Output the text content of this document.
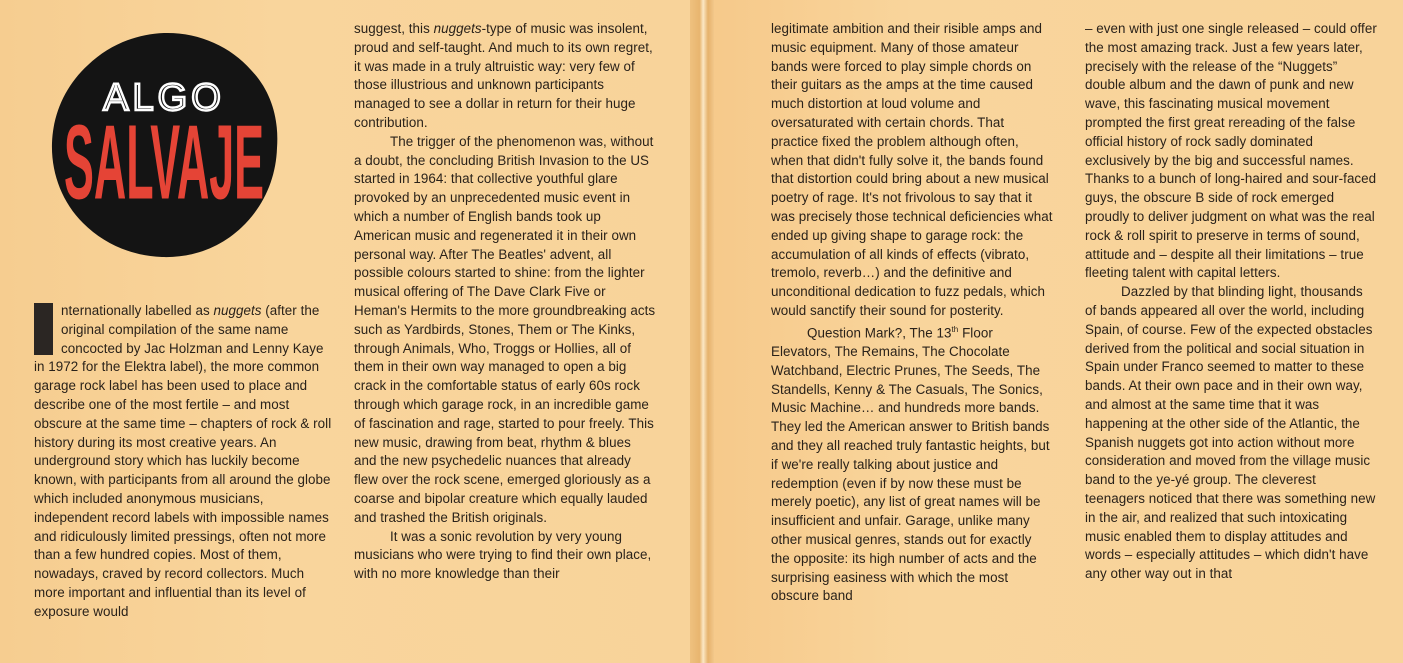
ALGO
SALVAJE

nternationally labelled as nuggets (after the original compilation of the same name concocted by Jac Holzman and Lenny Kaye in 1972 for the Elektra label), the more common garage rock label has been used to place and describe one of the most fertile – and most obscure at the same time – chapters of rock & roll history during its most creative years. An underground story which has luckily become known, with participants from all around the globe which included anonymous musicians, independent record labels with impossible names and ridiculously limited pressings, often not more than a few hundred copies. Most of them, nowadays, craved by record collectors. Much more important and influential than its level of exposure would

suggest, this nuggets-type of music was insolent, proud and self-taught. And much to its own regret, it was made in a truly altruistic way: very few of those illustrious and unknown participants managed to see a dollar in return for their huge contribution.

The trigger of the phenomenon was, without a doubt, the concluding British Invasion to the US started in 1964: that collective youthful glare provoked by an unprecedented music event in which a number of English bands took up American music and regenerated it in their own personal way. After The Beatles' advent, all possible colours started to shine: from the lighter musical offering of The Dave Clark Five or Heman's Hermits to the more groundbreaking acts such as Yardbirds, Stones, Them or The Kinks, through Animals, Who, Troggs or Hollies, all of them in their own way managed to open a big crack in the comfortable status of early 60s rock through which garage rock, in an incredible game of fascination and rage, started to pour freely. This new music, drawing from beat, rhythm & blues and the new psychedelic nuances that already flew over the rock scene, emerged gloriously as a coarse and bipolar creature which equally lauded and trashed the British originals.

It was a sonic revolution by very young musicians who were trying to find their own place, with no more knowledge than their

legitimate ambition and their risible amps and music equipment. Many of those amateur bands were forced to play simple chords on their guitars as the amps at the time caused much distortion at loud volume and oversaturated with certain chords. That practice fixed the problem although often, when that didn't fully solve it, the bands found that distortion could bring about a new musical poetry of rage. It's not frivolous to say that it was precisely those technical deficiencies what ended up giving shape to garage rock: the accumulation of all kinds of effects (vibrato, tremolo, reverb…) and the definitive and unconditional dedication to fuzz pedals, which would sanctify their sound for posterity.

Question Mark?, The 13th Floor Elevators, The Remains, The Chocolate Watchband, Electric Prunes, The Seeds, The Standells, Kenny & The Casuals, The Sonics, Music Machine… and hundreds more bands. They led the American answer to British bands and they all reached truly fantastic heights, but if we're really talking about justice and redemption (even if by now these must be merely poetic), any list of great names will be insufficient and unfair. Garage, unlike many other musical genres, stands out for exactly the opposite: its high number of acts and the surprising easiness with which the most obscure band

– even with just one single released – could offer the most amazing track. Just a few years later, precisely with the release of the “Nuggets” double album and the dawn of punk and new wave, this fascinating musical movement prompted the first great rereading of the false official history of rock sadly dominated exclusively by the big and successful names. Thanks to a bunch of long-haired and sour-faced guys, the obscure B side of rock emerged proudly to deliver judgment on what was the real rock & roll spirit to preserve in terms of sound, attitude and – despite all their limitations – true fleeting talent with capital letters.

Dazzled by that blinding light, thousands of bands appeared all over the world, including Spain, of course. Few of the expected obstacles derived from the political and social situation in Spain under Franco seemed to matter to these bands. At their own pace and in their own way, and almost at the same time that it was happening at the other side of the Atlantic, the Spanish nuggets got into action without more consideration and moved from the village music band to the ye-yé group. The cleverest teenagers noticed that there was something new in the air, and realized that such intoxicating music enabled them to display attitudes and words – especially attitudes – which didn't have any other way out in that
